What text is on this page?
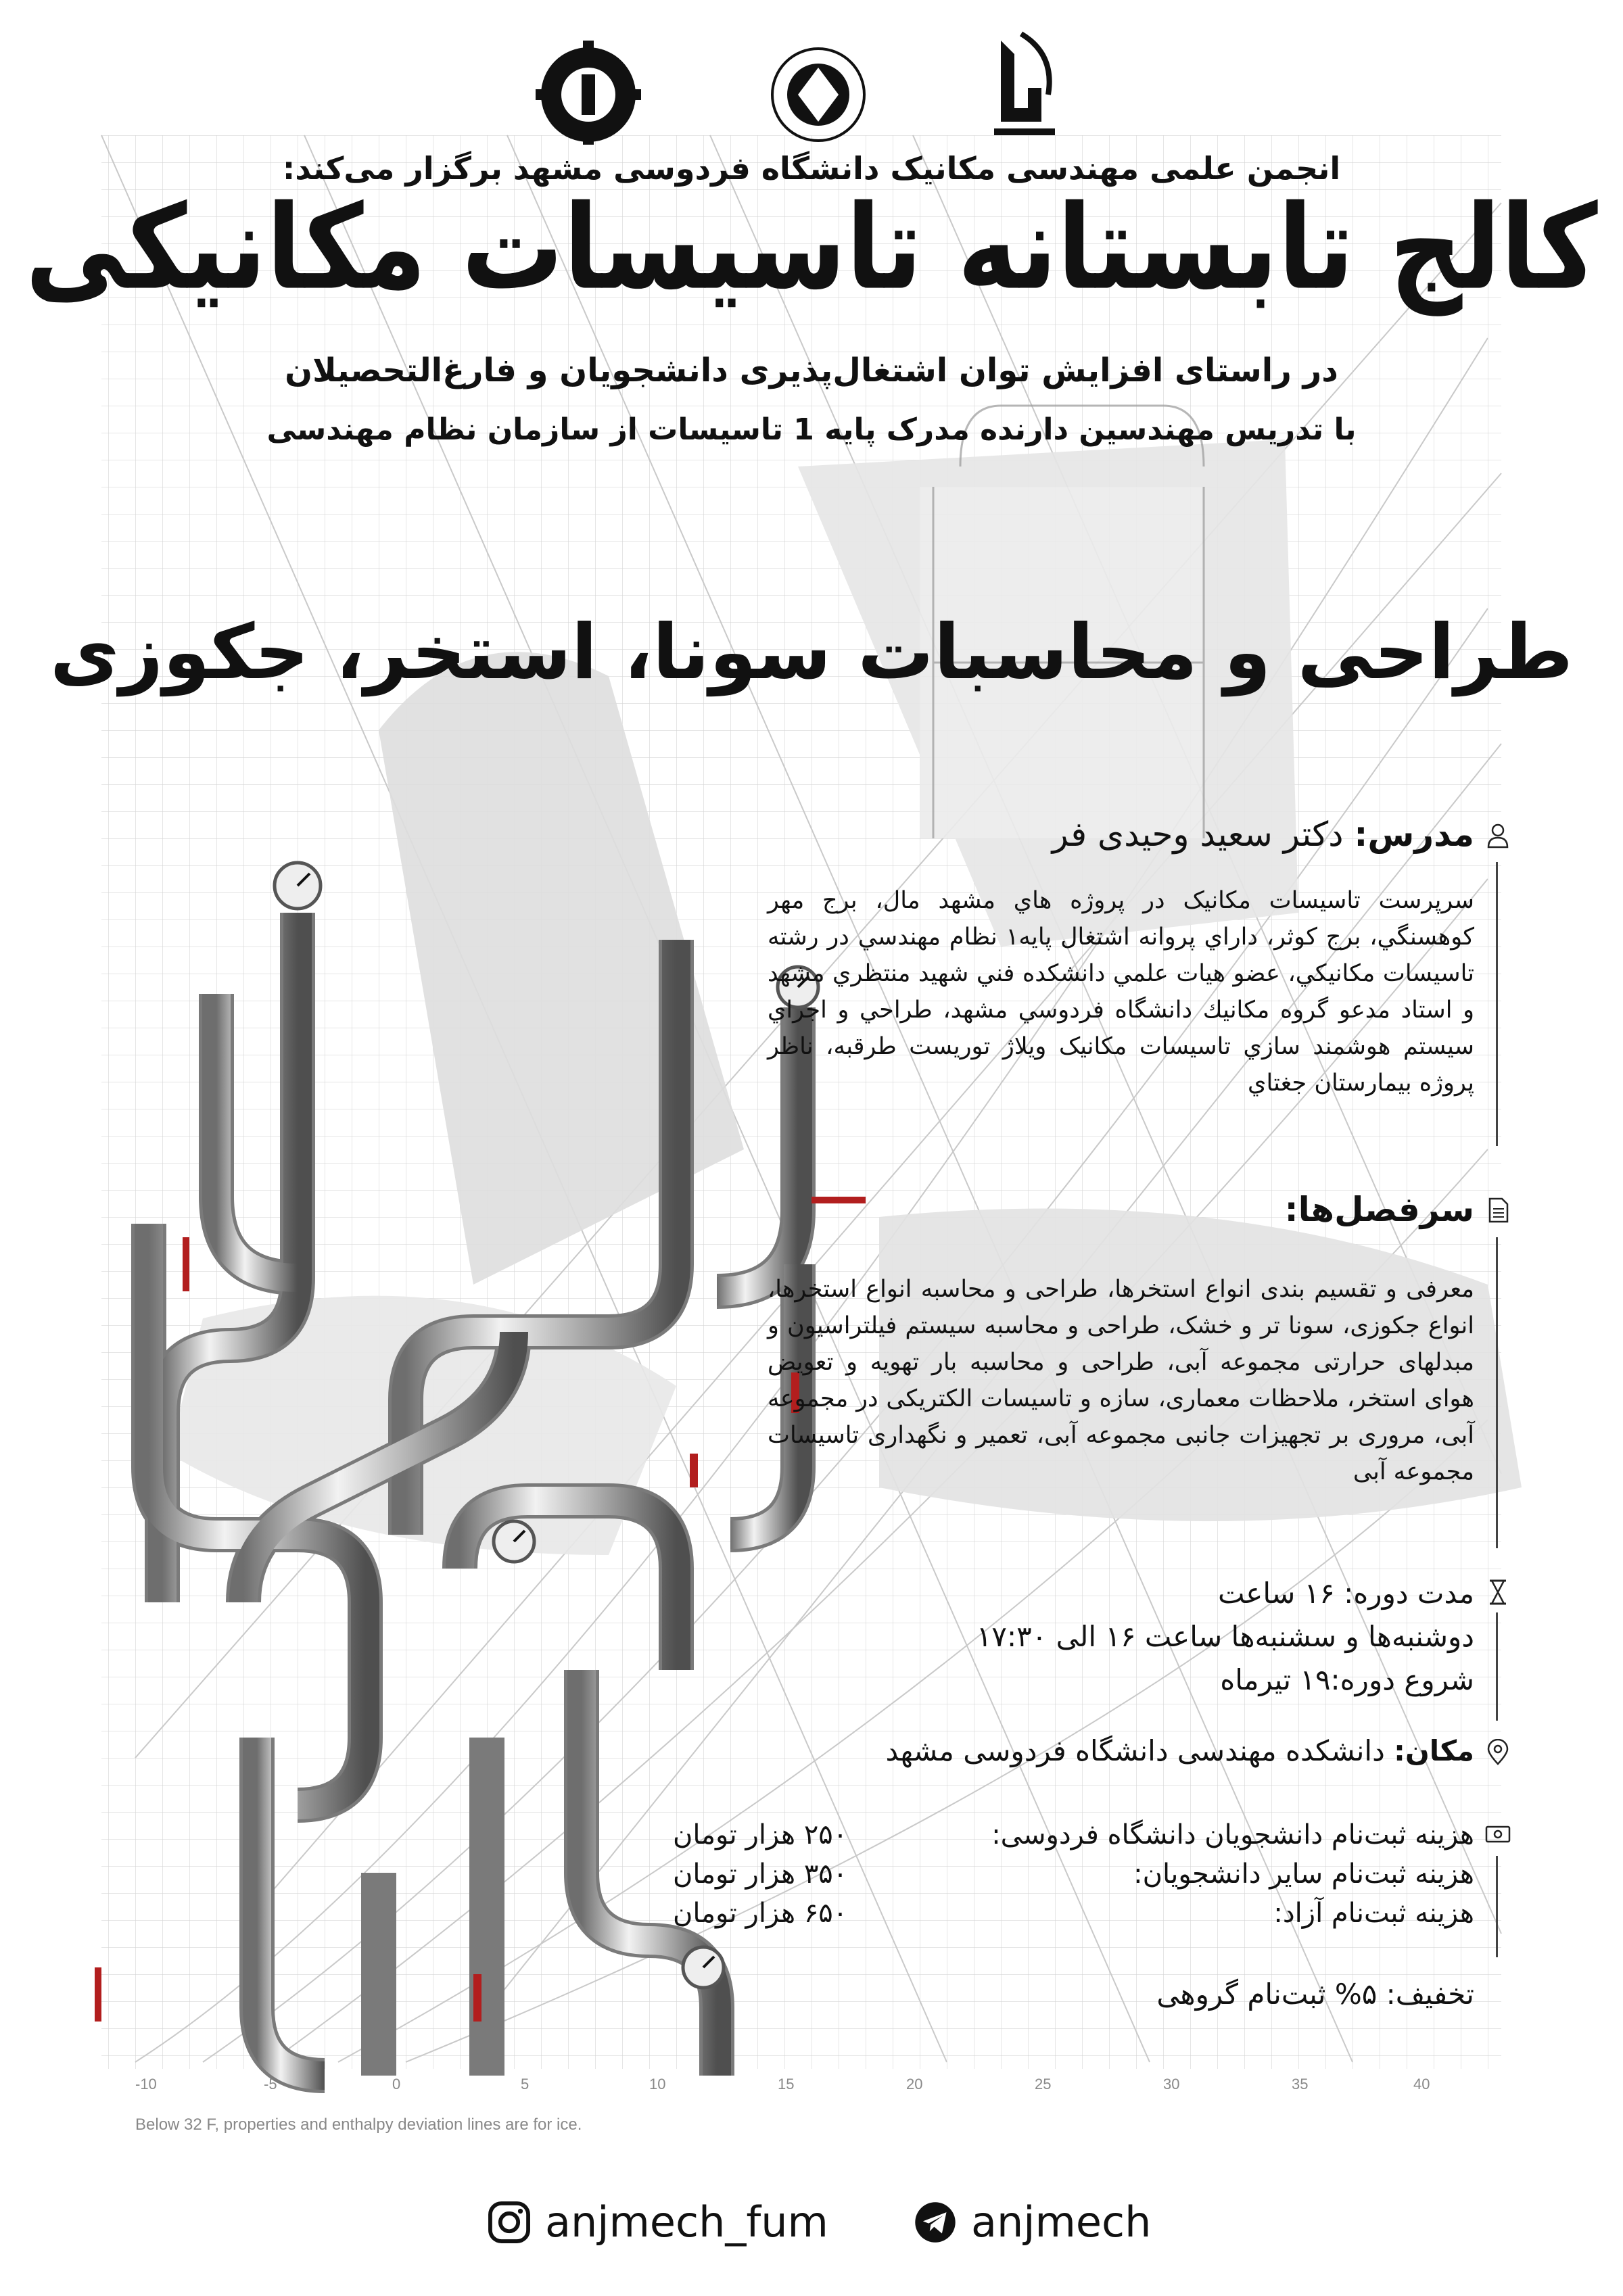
-10	-5	0	5	10	15	20	25	30	35	40
Below 32 F, properties and enthalpy deviation lines are for ice.
انجمن علمی مهندسی مکانیک دانشگاه فردوسی مشهد برگزار می‌کند:
کالج تابستانه تاسیسات مکانیکی
در راستای افزایش توان اشتغال‌پذیری دانشجویان و فارغ‌التحصیلان
با تدریس مهندسین دارنده مدرک پایه 1 تاسیسات از سازمان نظام مهندسی
طراحی و محاسبات سونا، استخر، جکوزی
مدرس: دکتر سعید وحیدی فر
سرپرست تاسیسات مکانیک در پروژه هاي مشهد مال، برج مهر کوهسنگي، برج کوثر، داراي پروانه اشتغال پايه١ نظام مهندسي در رشته تاسيسات مکانيکي، عضو هيات علمي دانشکده فني شهيد منتظري مشهد و استاد مدعو گروه مکانيك دانشگاه فردوسي مشهد، طراحي و اجراي سيستم هوشمند سازي تاسيسات مکانيک ويلاژ توريست طرقبه، ناظر پروژه بيمارستان جغتاي
سرفصل‌ها:
معرفی و تقسیم بندی انواع استخرها، طراحی و محاسبه انواع استخرها، انواع جکوزی، سونا تر و خشک، طراحی و محاسبه سیستم فیلتراسیون و مبدلهای حرارتی مجموعه آبی، طراحی و محاسبه بار تهویه و تعویض هوای استخر، ملاحظات معماری، سازه و تاسیسات الکتریکی در مجموعه آبی، مروری بر تجهیزات جانبی مجموعه آبی، تعمیر و نگهداری تاسیسات مجموعه آبی
مدت دوره: ۱۶ ساعت
دوشنبه‌ها و سشنبه‌ها ساعت ۱۶ الی ۱۷:۳۰
شروع دوره:۱۹ تیرماه
مکان: دانشکده مهندسی دانشگاه فردوسی مشهد
هزینه ثبت‌نام دانشجویان دانشگاه فردوسی:
۲۵۰ هزار تومان
هزینه ثبت‌نام سایر دانشجویان:
۳۵۰ هزار تومان
هزینه ثبت‌نام آزاد:
۶۵۰ هزار تومان
تخفیف: ۵% ثبت‌نام گروهی
anjmech_fum	anjmech
